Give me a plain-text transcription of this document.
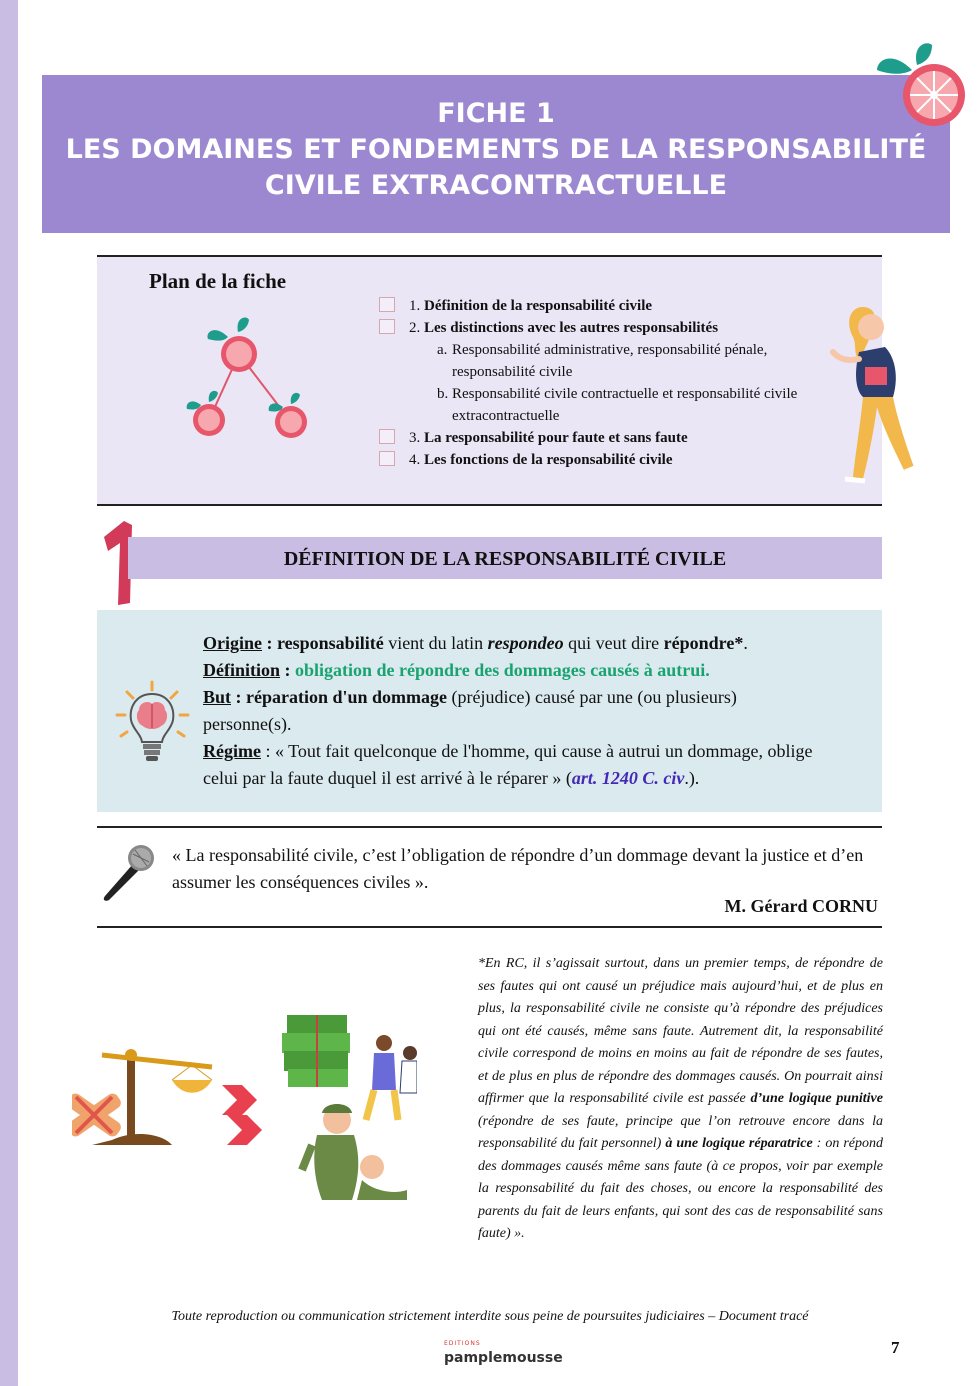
FICHE 1
LES DOMAINES ET FONDEMENTS DE LA RESPONSABILITÉ
CIVILE EXTRACONTRACTUELLE
Plan de la fiche
1. Définition de la responsabilité civile
2. Les distinctions avec les autres responsabilités
a. Responsabilité administrative, responsabilité pénale, responsabilité civile
b. Responsabilité civile contractuelle et responsabilité civile extracontractuelle
3. La responsabilité pour faute et sans faute
4. Les fonctions de la responsabilité civile
DÉFINITION DE LA RESPONSABILITÉ CIVILE
Origine : responsabilité vient du latin respondeo qui veut dire répondre*.
Définition : obligation de répondre des dommages causés à autrui.
But : réparation d'un dommage (préjudice) causé par une (ou plusieurs) personne(s).
Régime : « Tout fait quelconque de l'homme, qui cause à autrui un dommage, oblige celui par la faute duquel il est arrivé à le réparer » (art. 1240 C. civ.).
« La responsabilité civile, c’est l’obligation de répondre d’un dommage devant la justice et d’en assumer les conséquences civiles ».
M. Gérard CORNU
*En RC, il s’agissait surtout, dans un premier temps, de répondre de ses fautes qui ont causé un préjudice mais aujourd’hui, et de plus en plus, la responsabilité civile ne consiste qu’à répondre des préjudices qui ont été causés, même sans faute. Autrement dit, la responsabilité civile correspond de moins en moins au fait de répondre de ses fautes, et de plus en plus de répondre des dommages causés. On pourrait ainsi affirmer que la responsabilité civile est passée d’une logique punitive (répondre de ses faute, principe que l’on retrouve encore dans la responsabilité du fait personnel) à une logique réparatrice : on répond des dommages causés même sans faute (à ce propos, voir par exemple la responsabilité du fait des choses, ou encore la responsabilité des parents du fait de leurs enfants, qui sont des cas de responsabilité sans faute) ».
Toute reproduction ou communication strictement interdite sous peine de poursuites judiciaires – Document tracé
EDITIONS
pamplemousse
7
